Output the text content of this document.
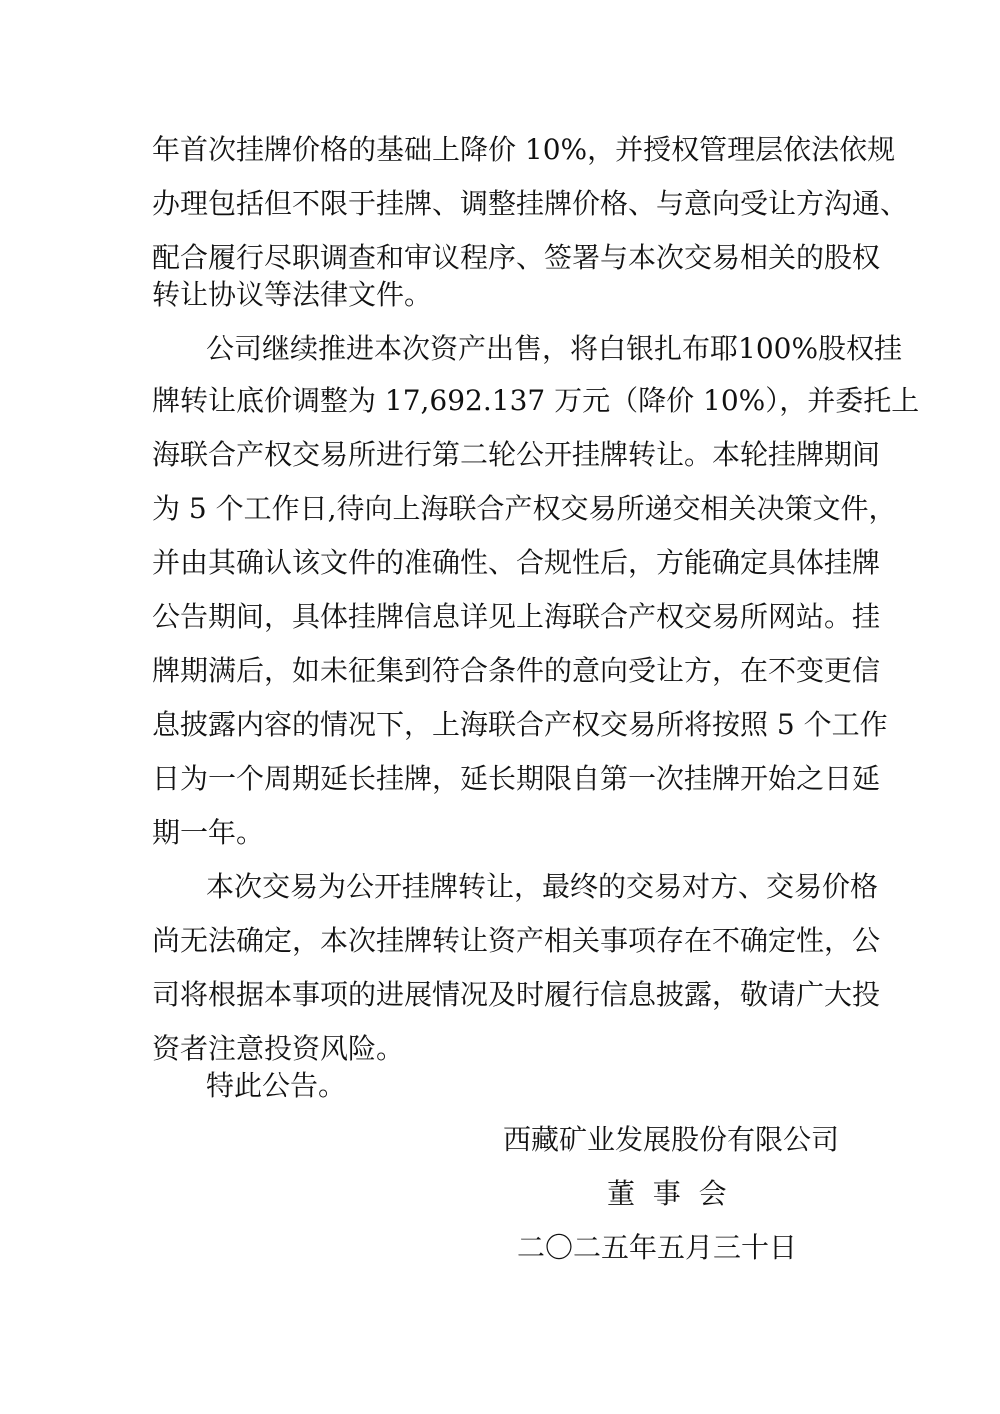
年首次挂牌价格的基础上降价 10%，并授权管理层依法依规
办理包括但不限于挂牌、调整挂牌价格、与意向受让方沟通、
配合履行尽职调查和审议程序、签署与本次交易相关的股权
转让协议等法律文件。
公司继续推进本次资产出售，将白银扎布耶100%股权挂
牌转让底价调整为 17,692.137 万元（降价 10%），并委托上
海联合产权交易所进行第二轮公开挂牌转让。本轮挂牌期间
为 5 个工作日,待向上海联合产权交易所递交相关决策文件，
并由其确认该文件的准确性、合规性后，方能确定具体挂牌
公告期间，具体挂牌信息详见上海联合产权交易所网站。挂
牌期满后，如未征集到符合条件的意向受让方，在不变更信
息披露内容的情况下，上海联合产权交易所将按照 5 个工作
日为一个周期延长挂牌，延长期限自第一次挂牌开始之日延
期一年。
本次交易为公开挂牌转让，最终的交易对方、交易价格
尚无法确定，本次挂牌转让资产相关事项存在不确定性，公
司将根据本事项的进展情况及时履行信息披露，敬请广大投
资者注意投资风险。
特此公告。
西藏矿业发展股份有限公司
董  事  会
二〇二五年五月三十日
